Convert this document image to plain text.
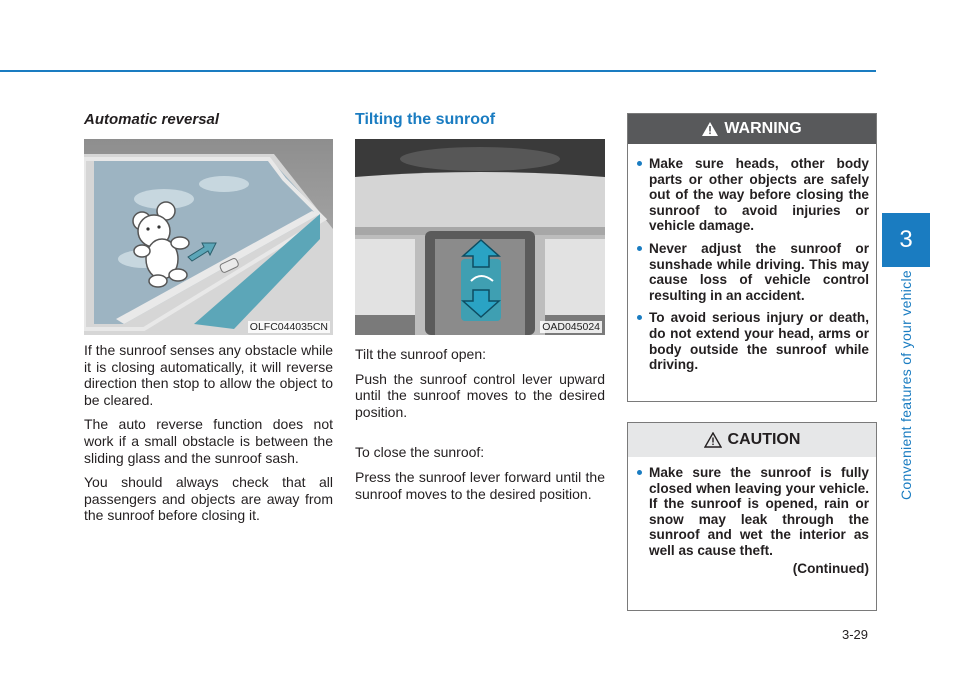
Automatic reversal
OLFC044035CN

If the sunroof senses any obstacle while it is closing automatically, it will reverse direction then stop to allow the object to be cleared.

The auto reverse function does not work if a small obstacle is between the sliding glass and the sunroof sash.

You should always check that all passengers and objects are away from the sunroof before closing it.

Tilting the sunroof
OAD045024

Tilt the sunroof open:

Push the sunroof control lever upward until the sunroof moves to the desired position.

To close the sunroof:

Press the sunroof lever forward until the sunroof moves to the desired position.

WARNING
Make sure heads, other body parts or other objects are safely out of the way before closing the sunroof to avoid injuries or vehicle damage.
Never adjust the sunroof or sunshade while driving. This may cause loss of vehicle control resulting in an accident.
To avoid serious injury or death, do not extend your head, arms or body outside the sunroof while driving.
CAUTION
Make sure the sunroof is fully closed when leaving your vehicle. If the sunroof is opened, rain or snow may leak through the sunroof and wet the interior as well as cause theft.
(Continued)
3
Convenient features of your vehicle
3-29
